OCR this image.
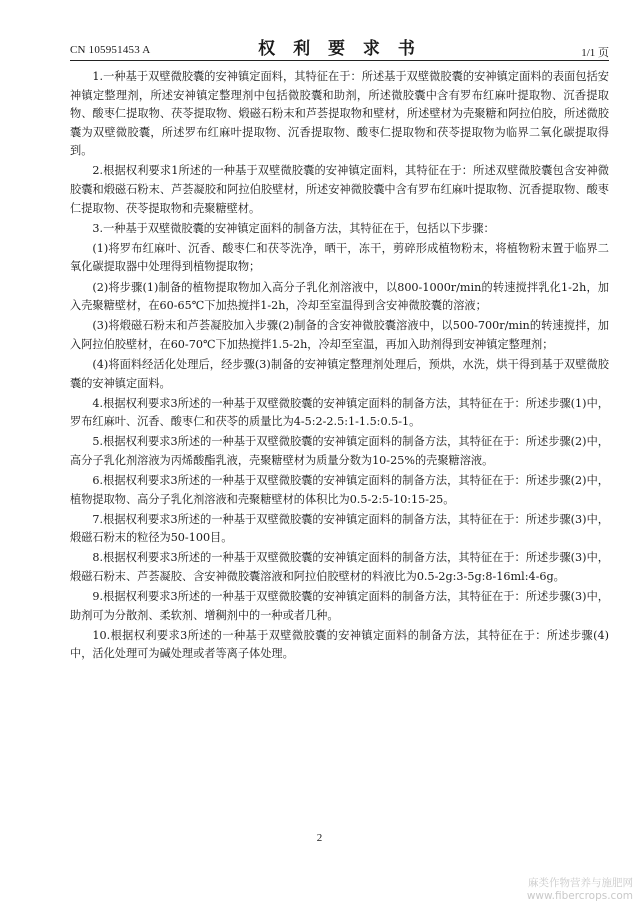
CN 105951453 A	权 利 要 求 书	1/1 页

1.一种基于双壁微胶囊的安神镇定面料，其特征在于：所述基于双壁微胶囊的安神镇定面料的表面包括安神镇定整理剂，所述安神镇定整理剂中包括微胶囊和助剂，所述微胶囊中含有罗布红麻叶提取物、沉香提取物、酸枣仁提取物、茯苓提取物、煅磁石粉末和芦荟提取物和壁材，所述壁材为壳聚糖和阿拉伯胶，所述微胶囊为双壁微胶囊，所述罗布红麻叶提取物、沉香提取物、酸枣仁提取物和茯苓提取物为临界二氧化碳提取得到。

2.根据权利要求1所述的一种基于双壁微胶囊的安神镇定面料，其特征在于：所述双壁微胶囊包含安神微胶囊和煅磁石粉末、芦荟凝胶和阿拉伯胶壁材，所述安神微胶囊中含有罗布红麻叶提取物、沉香提取物、酸枣仁提取物、茯苓提取物和壳聚糖壁材。

3.一种基于双壁微胶囊的安神镇定面料的制备方法，其特征在于，包括以下步骤：

(1)将罗布红麻叶、沉香、酸枣仁和茯苓洗净，晒干，冻干，剪碎形成植物粉末，将植物粉末置于临界二氧化碳提取器中处理得到植物提取物；

(2)将步骤(1)制备的植物提取物加入高分子乳化剂溶液中，以800-1000r/min的转速搅拌乳化1-2h，加入壳聚糖壁材，在60-65℃下加热搅拌1-2h，冷却至室温得到含安神微胶囊的溶液；

(3)将煅磁石粉末和芦荟凝胶加入步骤(2)制备的含安神微胶囊溶液中，以500-700r/min的转速搅拌，加入阿拉伯胶壁材，在60-70℃下加热搅拌1.5-2h，冷却至室温，再加入助剂得到安神镇定整理剂；

(4)将面料经活化处理后，经步骤(3)制备的安神镇定整理剂处理后，预烘，水洗，烘干得到基于双壁微胶囊的安神镇定面料。

4.根据权利要求3所述的一种基于双壁微胶囊的安神镇定面料的制备方法，其特征在于：所述步骤(1)中，罗布红麻叶、沉香、酸枣仁和茯苓的质量比为4-5:2-2.5:1-1.5:0.5-1。

5.根据权利要求3所述的一种基于双壁微胶囊的安神镇定面料的制备方法，其特征在于：所述步骤(2)中，高分子乳化剂溶液为丙烯酸酯乳液，壳聚糖壁材为质量分数为10-25%的壳聚糖溶液。

6.根据权利要求3所述的一种基于双壁微胶囊的安神镇定面料的制备方法，其特征在于：所述步骤(2)中，植物提取物、高分子乳化剂溶液和壳聚糖壁材的体积比为0.5-2:5-10:15-25。

7.根据权利要求3所述的一种基于双壁微胶囊的安神镇定面料的制备方法，其特征在于：所述步骤(3)中，煅磁石粉末的粒径为50-100目。

8.根据权利要求3所述的一种基于双壁微胶囊的安神镇定面料的制备方法，其特征在于：所述步骤(3)中，煅磁石粉末、芦荟凝胶、含安神微胶囊溶液和阿拉伯胶壁材的料液比为0.5-2g:3-5g:8-16ml:4-6g。

9.根据权利要求3所述的一种基于双壁微胶囊的安神镇定面料的制备方法，其特征在于：所述步骤(3)中，助剂可为分散剂、柔软剂、增稠剂中的一种或者几种。

10.根据权利要求3所述的一种基于双壁微胶囊的安神镇定面料的制备方法，其特征在于：所述步骤(4)中，活化处理可为碱处理或者等离子体处理。

2
麻类作物营养与施肥网
www.fibercrops.com
